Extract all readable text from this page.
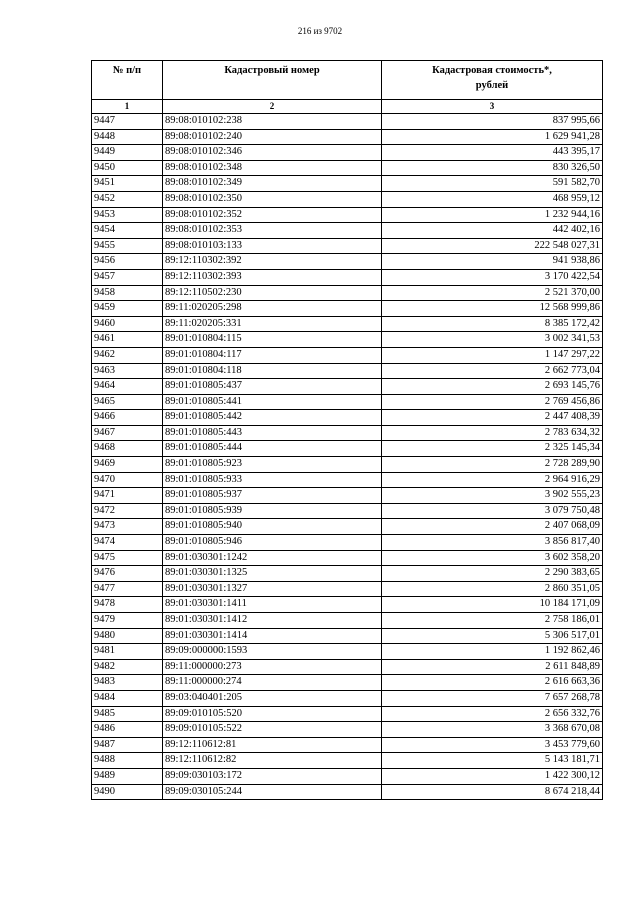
216 из 9702
№ п/п	Кадастровый номер	Кадастровая стоимость*,
рублей
1	2	3
9447	89:08:010102:238	837 995,66
9448	89:08:010102:240	1 629 941,28
9449	89:08:010102:346	443 395,17
9450	89:08:010102:348	830 326,50
9451	89:08:010102:349	591 582,70
9452	89:08:010102:350	468 959,12
9453	89:08:010102:352	1 232 944,16
9454	89:08:010102:353	442 402,16
9455	89:08:010103:133	222 548 027,31
9456	89:12:110302:392	941 938,86
9457	89:12:110302:393	3 170 422,54
9458	89:12:110502:230	2 521 370,00
9459	89:11:020205:298	12 568 999,86
9460	89:11:020205:331	8 385 172,42
9461	89:01:010804:115	3 002 341,53
9462	89:01:010804:117	1 147 297,22
9463	89:01:010804:118	2 662 773,04
9464	89:01:010805:437	2 693 145,76
9465	89:01:010805:441	2 769 456,86
9466	89:01:010805:442	2 447 408,39
9467	89:01:010805:443	2 783 634,32
9468	89:01:010805:444	2 325 145,34
9469	89:01:010805:923	2 728 289,90
9470	89:01:010805:933	2 964 916,29
9471	89:01:010805:937	3 902 555,23
9472	89:01:010805:939	3 079 750,48
9473	89:01:010805:940	2 407 068,09
9474	89:01:010805:946	3 856 817,40
9475	89:01:030301:1242	3 602 358,20
9476	89:01:030301:1325	2 290 383,65
9477	89:01:030301:1327	2 860 351,05
9478	89:01:030301:1411	10 184 171,09
9479	89:01:030301:1412	2 758 186,01
9480	89:01:030301:1414	5 306 517,01
9481	89:09:000000:1593	1 192 862,46
9482	89:11:000000:273	2 611 848,89
9483	89:11:000000:274	2 616 663,36
9484	89:03:040401:205	7 657 268,78
9485	89:09:010105:520	2 656 332,76
9486	89:09:010105:522	3 368 670,08
9487	89:12:110612:81	3 453 779,60
9488	89:12:110612:82	5 143 181,71
9489	89:09:030103:172	1 422 300,12
9490	89:09:030105:244	8 674 218,44
